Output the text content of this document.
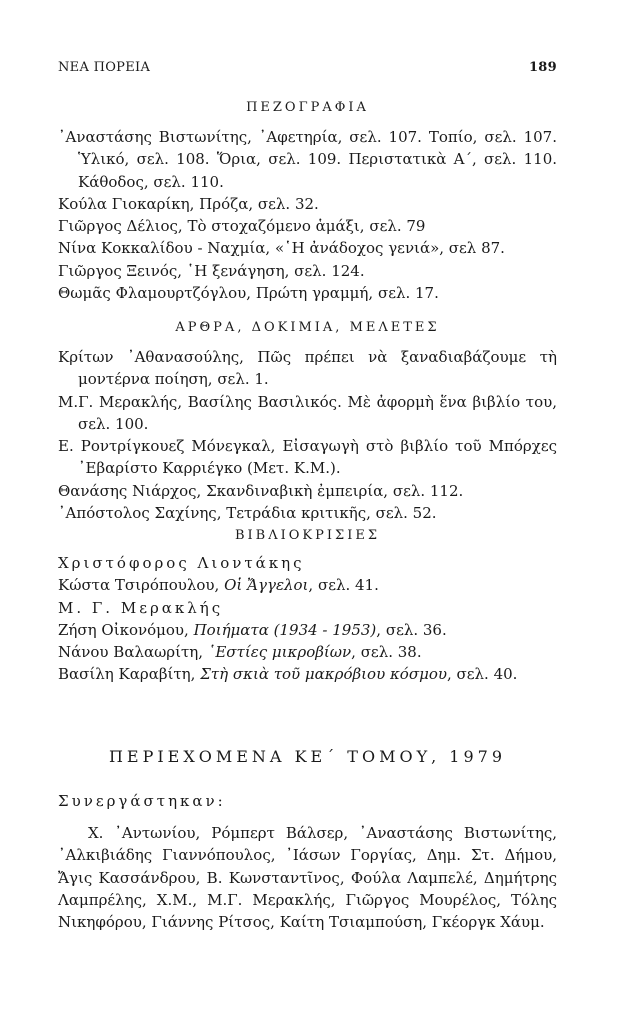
ΝΕΑ ΠΟΡΕΙΑ	189
ΠΕΖΟΓΡΑΦΙΑ

᾽Αναστάσης Βιστωνίτης, ᾽Αφετηρία, σελ. 107. Τοπίο, σελ. 107. Ὑλικό, σελ. 108. Ὅρια, σελ. 109. Περιστατικὰ Α΄, σελ. 110. Κάθοδος, σελ. 110.

Κούλα Γιοκαρίκη, Πρόζα, σελ. 32.

Γιῶργος Δέλιος, Τὸ στοχαζόμενο ἁμάξι, σελ. 79

Νίνα Κοκκαλίδου - Ναχμία, «῾Η ἀνάδοχος γενιά», σελ 87.

Γιῶργος Ξεινός, ῾Η ξενάγηση, σελ. 124.

Θωμᾶς Φλαμουρτζόγλου, Πρώτη γραμμή, σελ. 17.

ΑΡΘΡΑ, ΔΟΚΙΜΙΑ, ΜΕΛΕΤΕΣ

Κρίτων ᾽Αθανασούλης, Πῶς πρέπει νὰ ξαναδιαβάζουμε τὴ μοντέρνα ποίηση, σελ. 1.

Μ.Γ. Μερακλής, Βασίλης Βασιλικός. Μὲ ἀφορμὴ ἕνα βιβλίο του, σελ. 100.

Ε. Ροντρίγκουεζ Μόνεγκαλ, Εἰσαγωγὴ στὸ βιβλίο τοῦ Μπόρχες ᾽Εβαρίστο Καρριέγκο (Μετ. Κ.Μ.).

Θανάσης Νιάρχος, Σκανδιναβικὴ ἐμπειρία, σελ. 112.

᾽Απόστολος Σαχίνης, Τετράδια κριτικῆς, σελ. 52.

ΒΙΒΛΙΟΚΡΙΣΙΕΣ

Χριστόφορος Λιοντάκης

Κώστα Τσιρόπουλου, Οἱ Ἄγγελοι, σελ. 41.

Μ. Γ. Μερακλής

Ζήση Οἰκονόμου, Ποιήματα (1934 - 1953), σελ. 36.

Νάνου Βαλαωρίτη, ῾Εστίες μικροβίων, σελ. 38.

Βασίλη Καραβίτη, Στὴ σκιὰ τοῦ μακρόβιου κόσμου, σελ. 40.

ΠΕΡΙΕΧΟΜΕΝΑ ΚΕ΄ ΤΟΜΟΥ, 1979
Συνεργάστηκαν:

Χ. ᾽Αντωνίου, Ρόμπερτ Βάλσερ, ᾽Αναστάσης Βιστωνίτης, ᾽Αλκιβιάδης Γιαννόπουλος, ᾽Ιάσων Γοργίας, Δημ. Στ. Δήμου, Ἄγις Κασσάνδρου, Β. Κωνσταντῖνος, Φούλα Λαμπελέ, Δημήτρης Λαμπρέλης, Χ.Μ., Μ.Γ. Μερακλής, Γιῶργος Μουρέλος, Τόλης Νικηφόρου, Γιάννης Ρίτσος, Καίτη Τσιαμπούση, Γκέοργκ Χάυμ.
